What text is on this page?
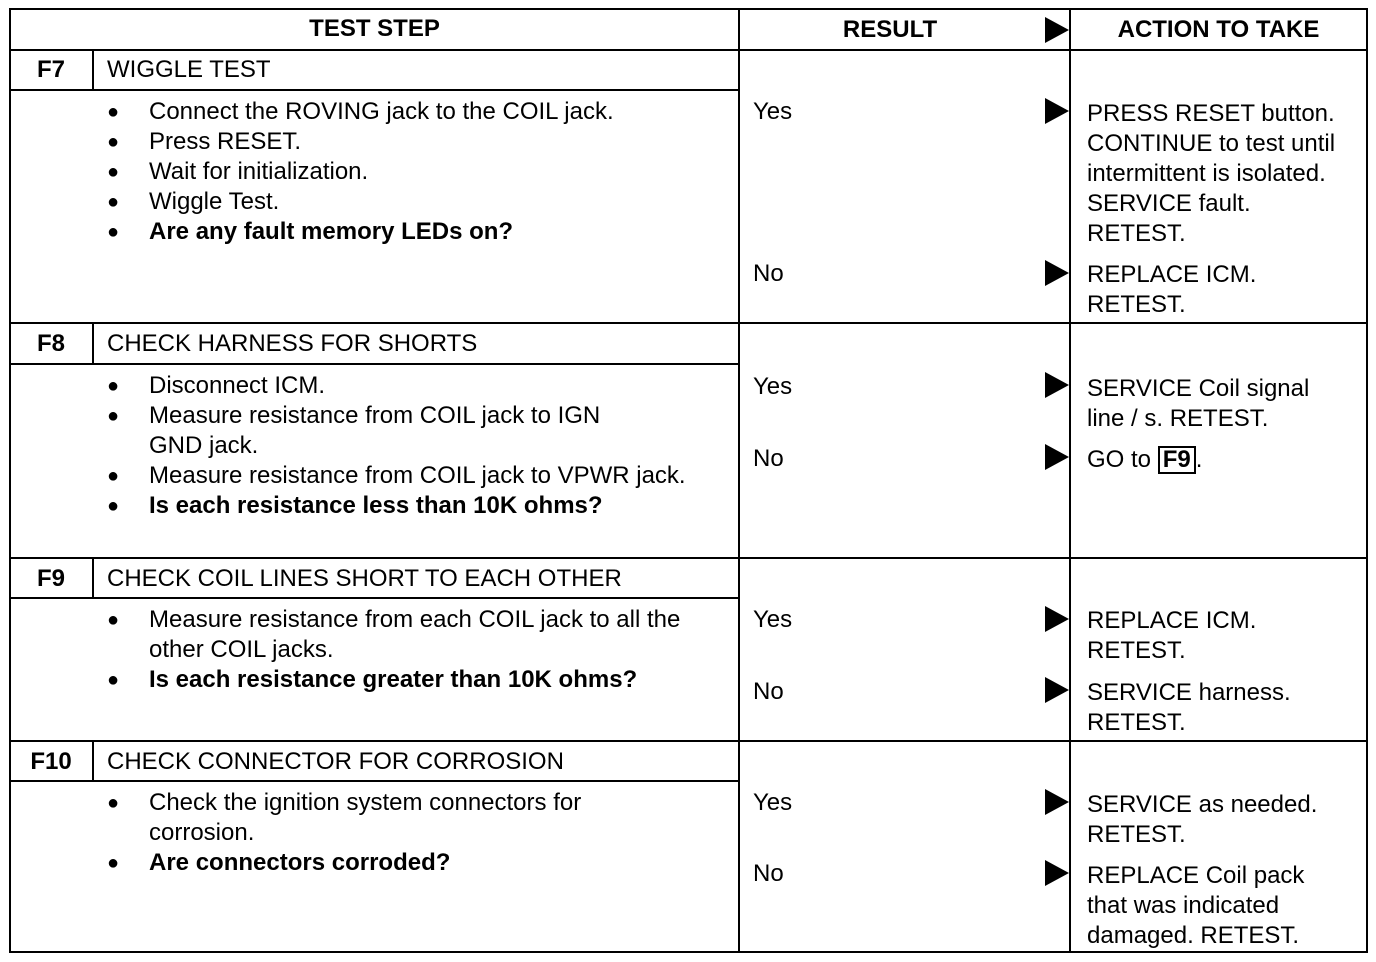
TEST STEP	RESULT	ACTION TO TAKE
F7	WIGGLE TEST
● Connect the ROVING jack to the COIL jack.
● Press RESET.
● Wait for initialization.
● Wiggle Test.
● Are any fault memory LEDs on?
Yes	PRESS RESET button.
CONTINUE to test until
intermittent is isolated.
SERVICE fault.
RETEST.
No	REPLACE ICM.
RETEST.
F8	CHECK HARNESS FOR SHORTS
● Disconnect ICM.
● Measure resistance from COIL jack to IGN GND jack.
● Measure resistance from COIL jack to VPWR jack.
● Is each resistance less than 10K ohms?
Yes	SERVICE Coil signal
line / s. RETEST.
No	GO to F9 .
F9	CHECK COIL LINES SHORT TO EACH OTHER
● Measure resistance from each COIL jack to all the other COIL jacks.
● Is each resistance greater than 10K ohms?
Yes	REPLACE ICM.
RETEST.
No	SERVICE harness.
RETEST.
F10	CHECK CONNECTOR FOR CORROSION
● Check the ignition system connectors for corrosion.
● Are connectors corroded?
Yes	SERVICE as needed.
RETEST.
No	REPLACE Coil pack
that was indicated
damaged. RETEST.
